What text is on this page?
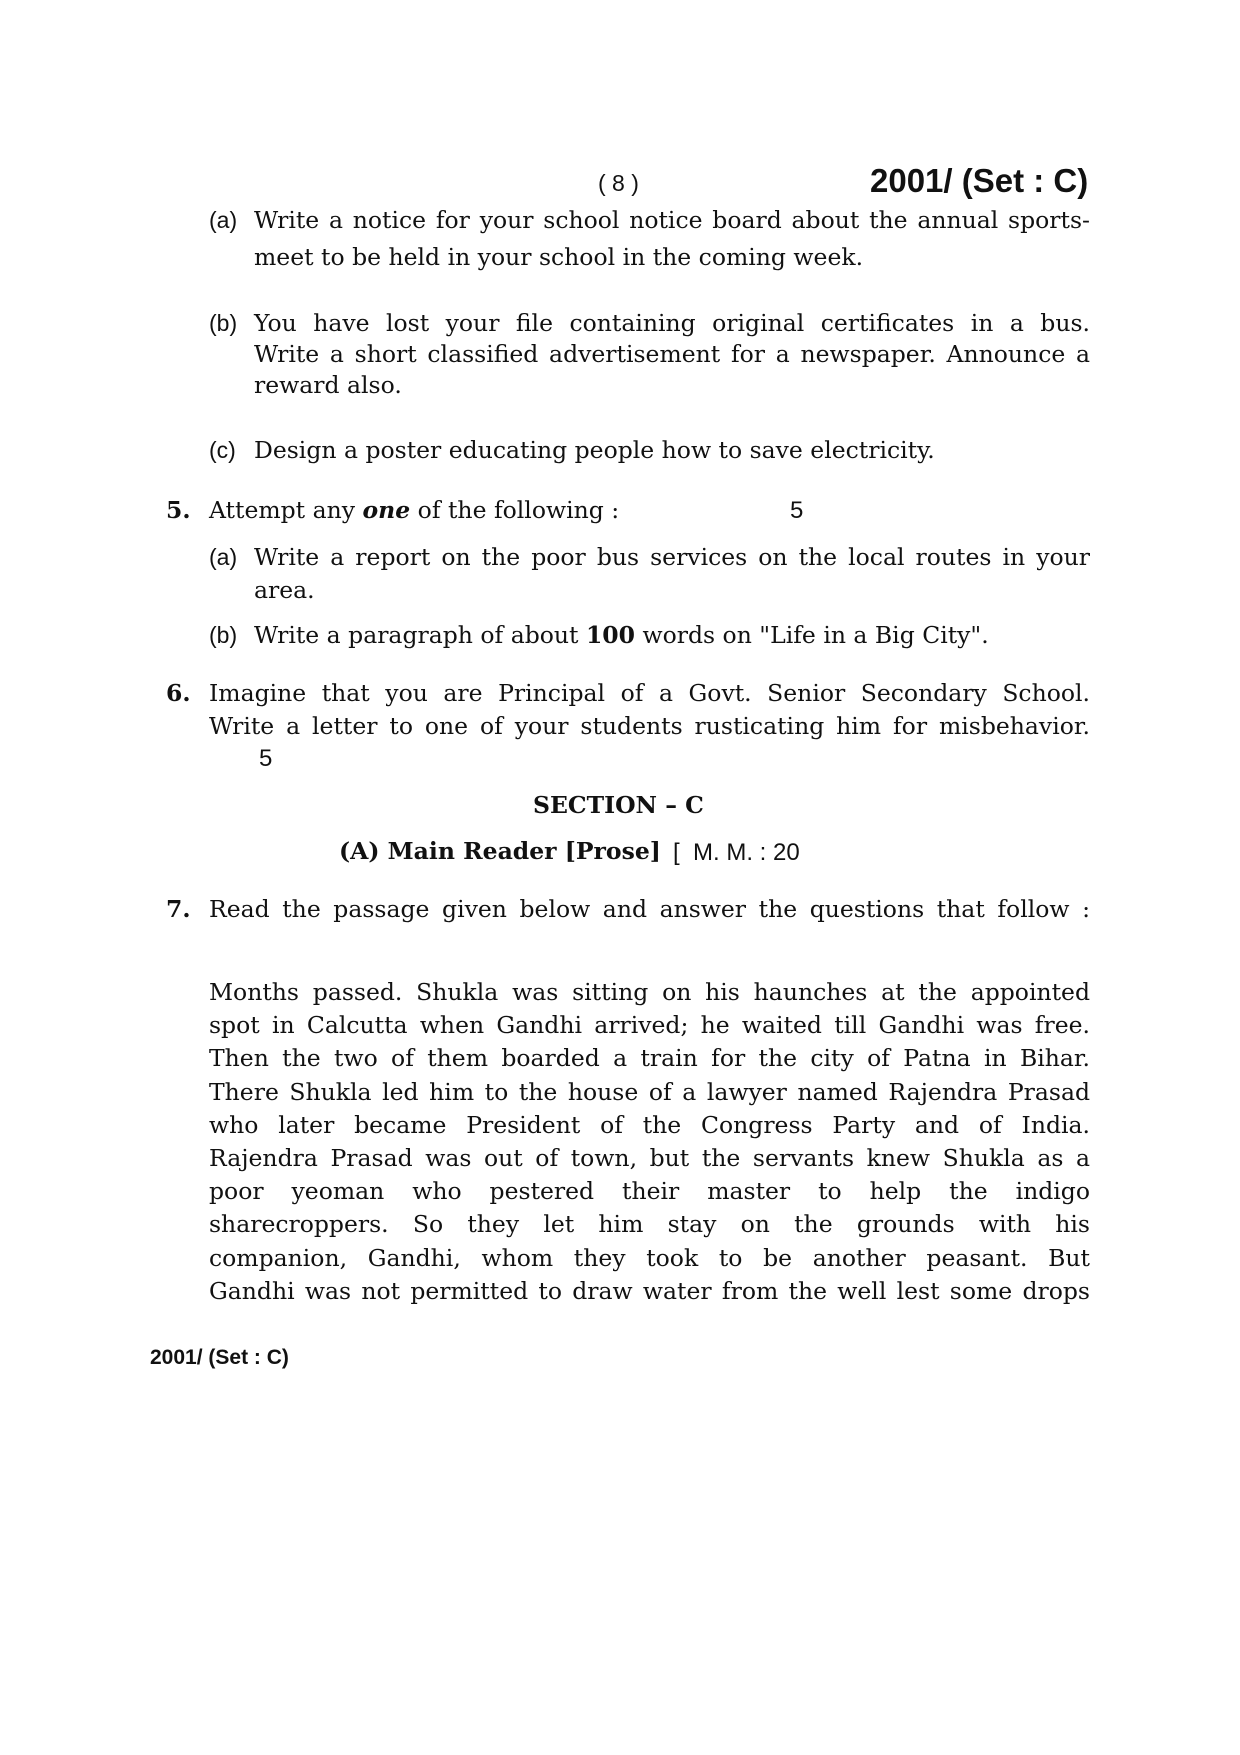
( 8 )	2001/ (Set : C)
(a) Write a notice for your school notice board about the annual sports-
meet to be held in your school in the coming week.
(b) You have lost your file containing original certificates in a bus.
Write a short classified advertisement for a newspaper. Announce a
reward also.
(c) Design a poster educating people how to save electricity.
5. Attempt any one of the following :	5
(a) Write a report on the poor bus services on the local routes in your
area.
(b) Write a paragraph of about 100 words on "Life in a Big City".
6. Imagine that you are Principal of a Govt. Senior Secondary School.
Write a letter to one of your students rusticating him for misbehavior.
5
SECTION – C
(A) Main Reader [Prose] [  M. M. : 20
7. Read the passage given below and answer the questions that follow :
Months passed. Shukla was sitting on his haunches at the appointed
spot in Calcutta when Gandhi arrived; he waited till Gandhi was free.
Then the two of them boarded a train for the city of Patna in Bihar.
There Shukla led him to the house of a lawyer named Rajendra Prasad
who later became President of the Congress Party and of India.
Rajendra Prasad was out of town, but the servants knew Shukla as a
poor yeoman who pestered their master to help the indigo
sharecroppers. So they let him stay on the grounds with his
companion, Gandhi, whom they took to be another peasant. But
Gandhi was not permitted to draw water from the well lest some drops
2001/ (Set : C)
